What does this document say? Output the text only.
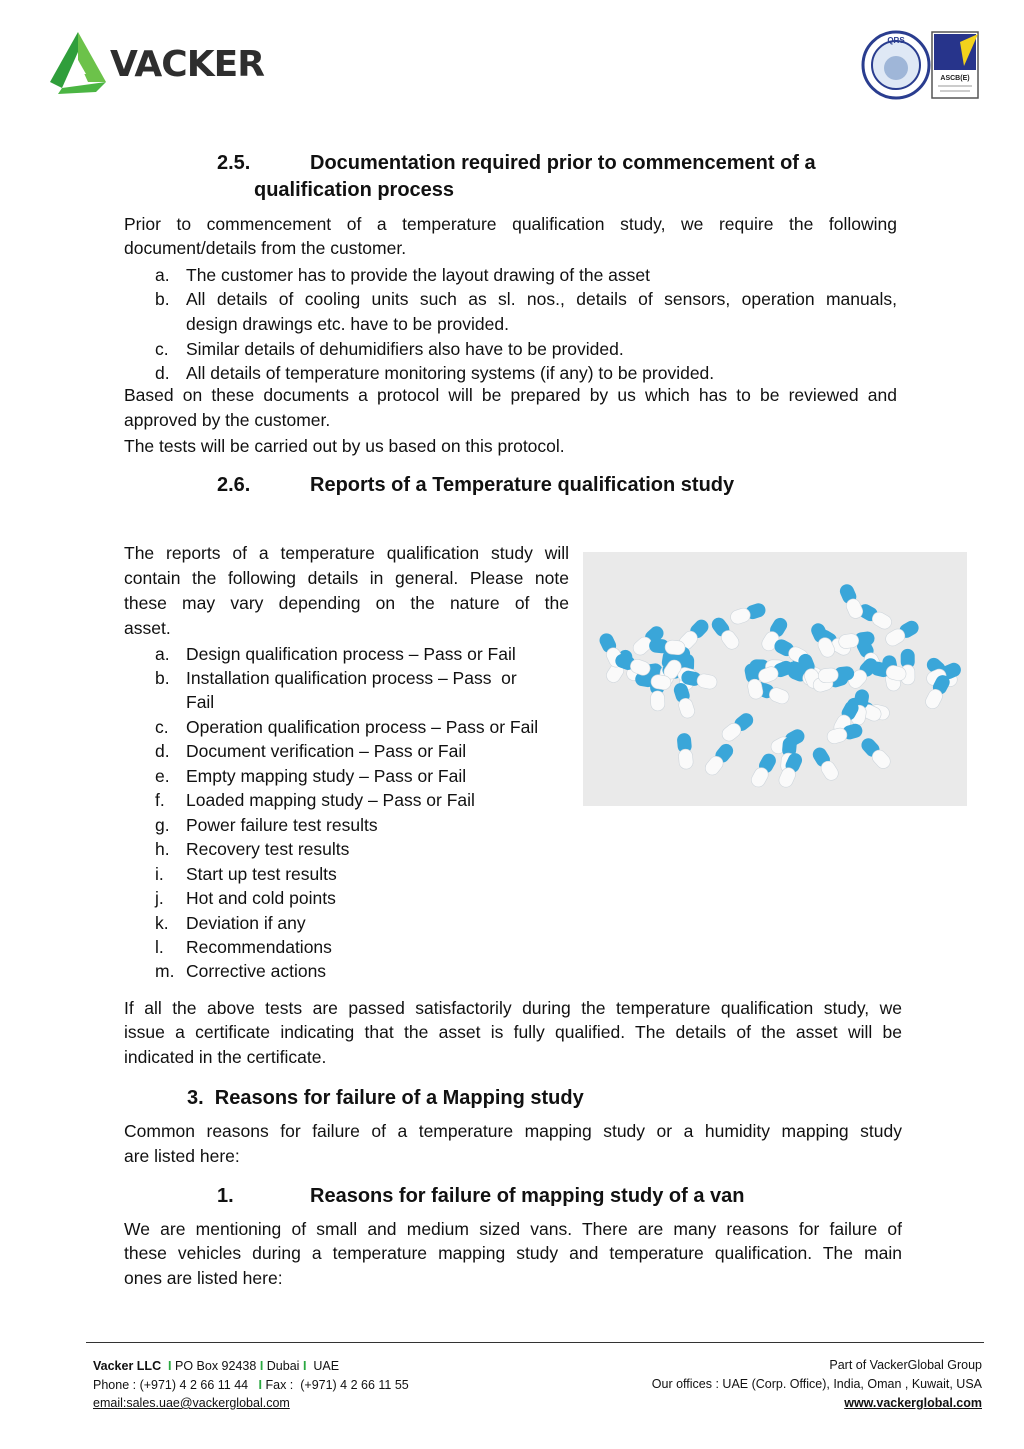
VACKER
QRS
ASCB(E)
2.5.	Documentation required prior to commencement of a
qualification process
Prior to commencement of a temperature qualification study, we require the following
document/details from the customer.
a. The customer has to provide the layout drawing of the asset
b. All details of cooling units such as sl. nos., details of sensors, operation manuals,
design drawings etc. have to be provided.
c. Similar details of dehumidifiers also have to be provided.
d. All details of temperature monitoring systems (if any) to be provided.
Based on these documents a protocol will be prepared by us which has to be reviewed and
approved by the customer.
The tests will be carried out by us based on this protocol.
2.6.	Reports of a Temperature qualification study
The reports of a temperature qualification study will
contain the following details in general. Please note
these may vary depending on the nature of the
asset.
a. Design qualification process – Pass or Fail
b. Installation qualification process – Pass  or
Fail
c. Operation qualification process – Pass or Fail
d. Document verification – Pass or Fail
e. Empty mapping study – Pass or Fail
f.	Loaded mapping study – Pass or Fail
g. Power failure test results
h. Recovery test results
i.	Start up test results
j.	Hot and cold points
k. Deviation if any
l.	Recommendations
m. Corrective actions
If all the above tests are passed satisfactorily during the temperature qualification study, we
issue a certificate indicating that the asset is fully qualified. The details of the asset will be
indicated in the certificate.
3.  Reasons for failure of a Mapping study
Common reasons for failure of a temperature mapping study or a humidity mapping study
are listed here:
1.	Reasons for failure of mapping study of a van
We are mentioning of small and medium sized vans. There are many reasons for failure of
these vehicles during a temperature mapping study and temperature qualification. The main
ones are listed here:
Vacker LLC I PO Box 92438 I Dubai I UAE
Phone : (+971) 4 2 66 11 44 I Fax :  (+971) 4 2 66 11 55
email:sales.uae@vackerglobal.com
Part of VackerGlobal Group
Our offices : UAE (Corp. Office), India, Oman , Kuwait, USA
www.vackerglobal.com
